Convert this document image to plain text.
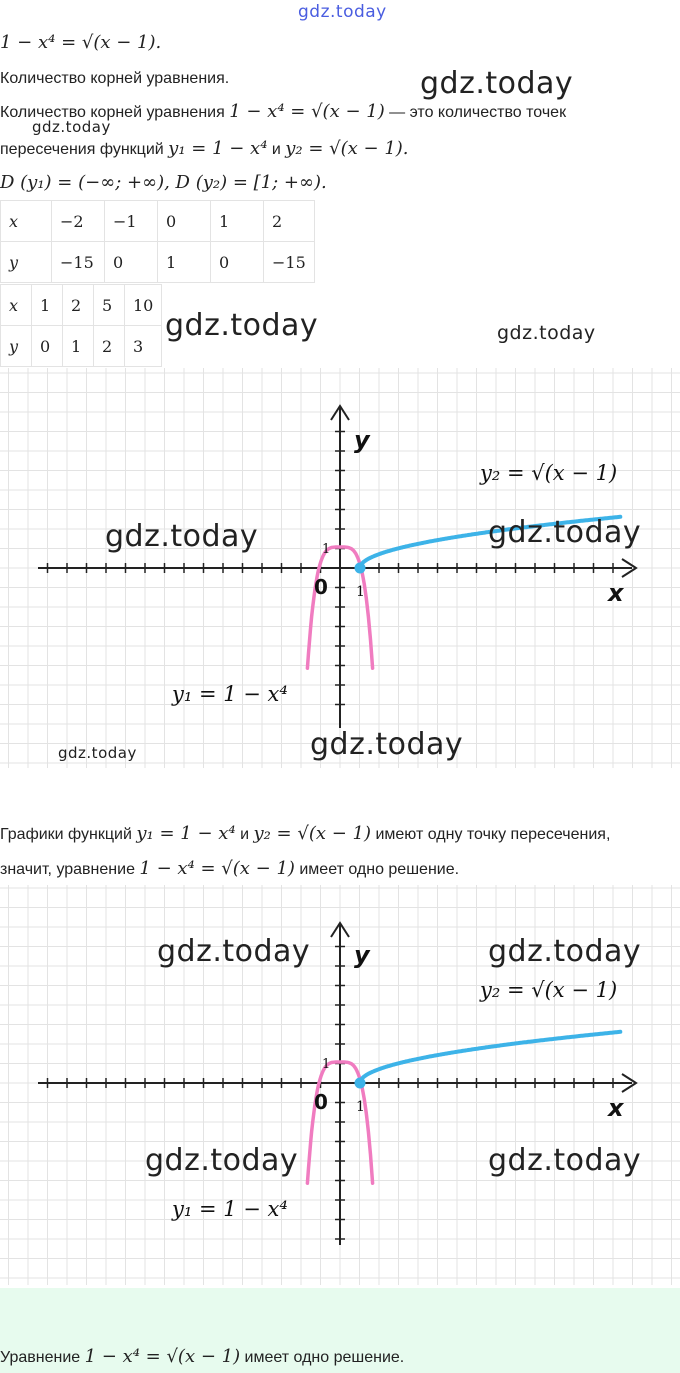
gdz.today
1 − x⁴ = √(x − 1).
Количество корней уравнения.	gdz.today
Количество корней уравнения 1 − x⁴ = √(x − 1) — это количество точек
gdz.today
пересечения функций y₁ = 1 − x⁴ и y₂ = √(x − 1).
D (y₁) = (−∞; +∞), D (y₂) = [1; +∞).
x	−2	−1	0	1	2
y	−15	0	1	0	−15
x	1	2	5	10
y	0	1	2	3
gdz.today	gdz.today
y
x
0 1
1
y₂ = √(x − 1)
y₁ = 1 − x⁴
gdz.today	gdz.today
gdz.today
gdz.today
Графики функций y₁ = 1 − x⁴ и y₂ = √(x − 1) имеют одну точку пересечения,
значит, уравнение 1 − x⁴ = √(x − 1) имеет одно решение.
y
x
0 1
1
y₂ = √(x − 1)
y₁ = 1 − x⁴
gdz.today	gdz.today
gdz.today	gdz.today
Уравнение 1 − x⁴ = √(x − 1) имеет одно решение.
